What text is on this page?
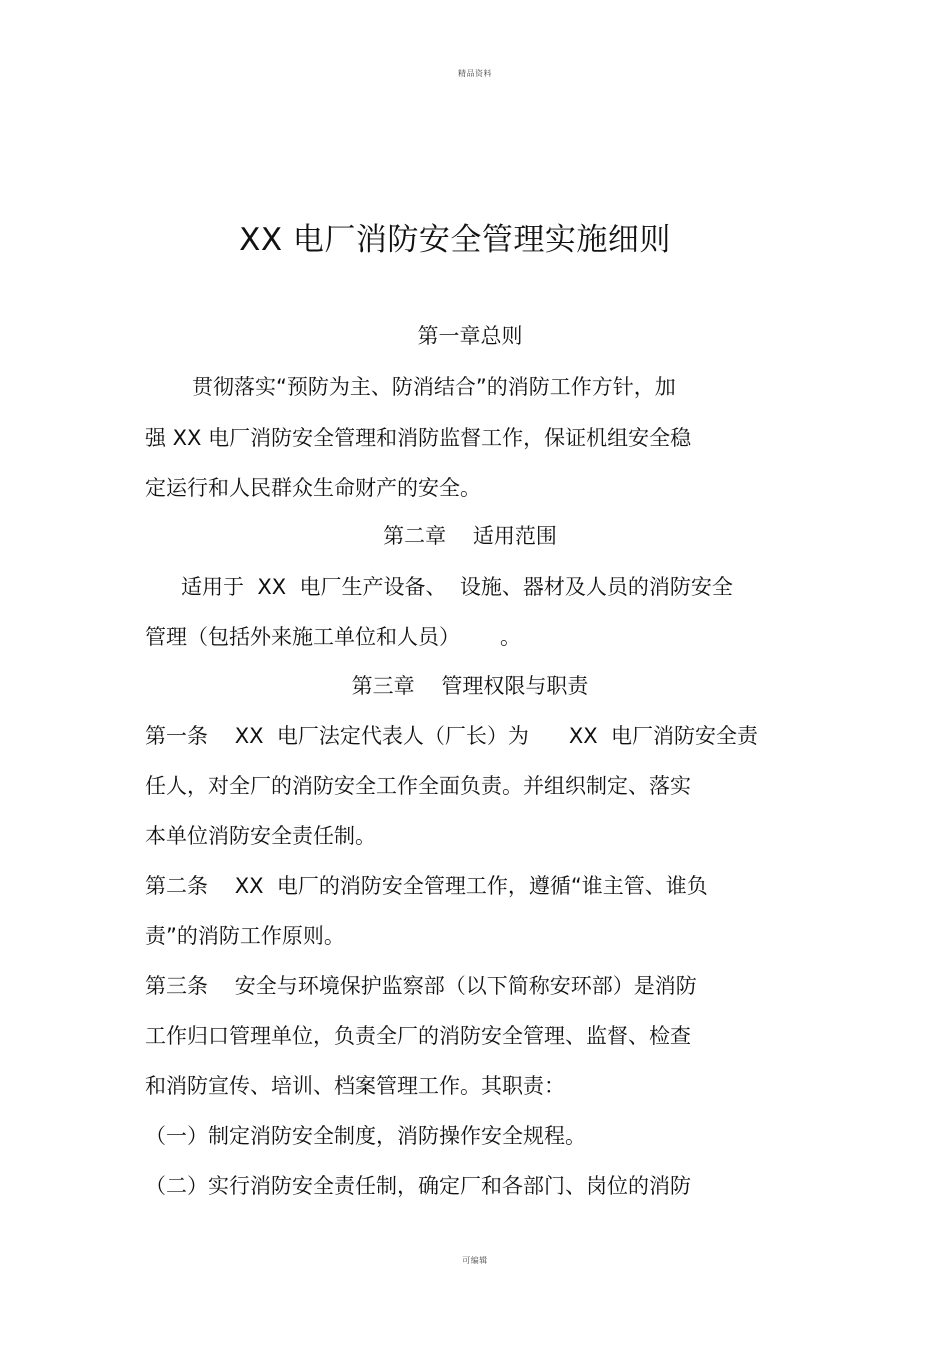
精品资料
XX 电厂消防安全管理实施细则
第一章总则
贯彻落实“预防为主、防消结合”的消防工作方针，加
强 XX 电厂消防安全管理和消防监督工作，保证机组安全稳
定运行和人民群众生命财产的安全。
第二章    适用范围
适用于  XX  电厂生产设备、  设施、器材及人员的消防安全
管理（包括外来施工单位和人员）      。
第三章    管理权限与职责
第一条    XX  电厂法定代表人（厂长）为      XX  电厂消防安全责
任人，对全厂的消防安全工作全面负责。并组织制定、落实
本单位消防安全责任制。
第二条    XX  电厂的消防安全管理工作，遵循“谁主管、谁负
责”的消防工作原则。
第三条    安全与环境保护监察部（以下简称安环部）是消防
工作归口管理单位，负责全厂的消防安全管理、监督、检查
和消防宣传、培训、档案管理工作。其职责：
（一）制定消防安全制度，消防操作安全规程。
（二）实行消防安全责任制，确定厂和各部门、岗位的消防
可编辑
